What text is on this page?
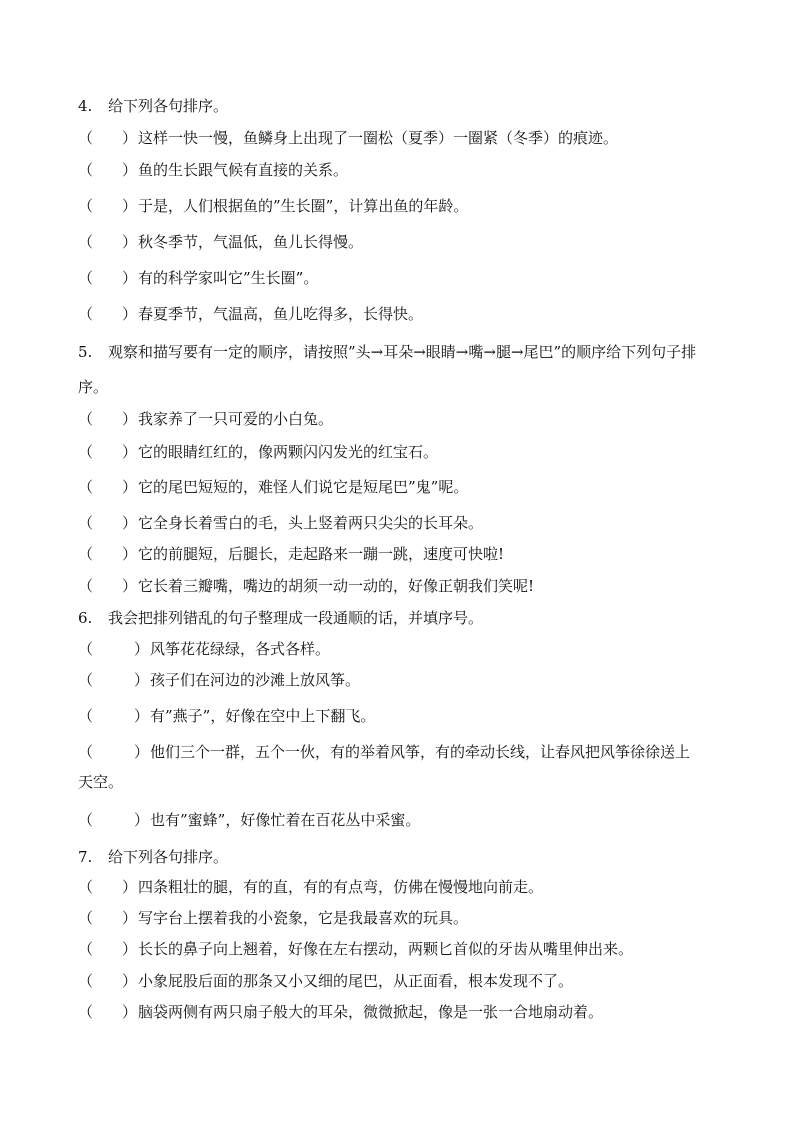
4. 给下列各句排序。
（ ）这样一快一慢，鱼鳞身上出现了一圈松（夏季）一圈紧（冬季）的痕迹。
（ ）鱼的生长跟气候有直接的关系。
（ ）于是，人们根据鱼的”生长圈”，计算出鱼的年龄。
（ ）秋冬季节，气温低，鱼儿长得慢。
（ ）有的科学家叫它”生长圈”。
（ ）春夏季节，气温高，鱼儿吃得多，长得快。
5. 观察和描写要有一定的顺序，请按照”头→耳朵→眼睛→嘴→腿→尾巴”的顺序给下列句子排
序。
（ ）我家养了一只可爱的小白兔。
（ ）它的眼睛红红的，像两颗闪闪发光的红宝石。
（ ）它的尾巴短短的，难怪人们说它是短尾巴”鬼”呢。
（ ）它全身长着雪白的毛，头上竖着两只尖尖的长耳朵。
（ ）它的前腿短，后腿长，走起路来一蹦一跳，速度可快啦!
（ ）它长着三瓣嘴，嘴边的胡须一动一动的，好像正朝我们笑呢!
6. 我会把排列错乱的句子整理成一段通顺的话，并填序号。
（	）风筝花花绿绿，各式各样。
（	）孩子们在河边的沙滩上放风筝。
（	）有”燕子”，好像在空中上下翻飞。
（	）他们三个一群，五个一伙，有的举着风筝，有的牵动长线，让春风把风筝徐徐送上
天空。
（	）也有”蜜蜂”，好像忙着在百花丛中采蜜。
7. 给下列各句排序。
（ ）四条粗壮的腿，有的直，有的有点弯，仿佛在慢慢地向前走。
（ ）写字台上摆着我的小瓷象，它是我最喜欢的玩具。
（ ）长长的鼻子向上翘着，好像在左右摆动，两颗匕首似的牙齿从嘴里伸出来。
（ ）小象屁股后面的那条又小又细的尾巴，从正面看，根本发现不了。
（ ）脑袋两侧有两只扇子般大的耳朵，微微掀起，像是一张一合地扇动着。
